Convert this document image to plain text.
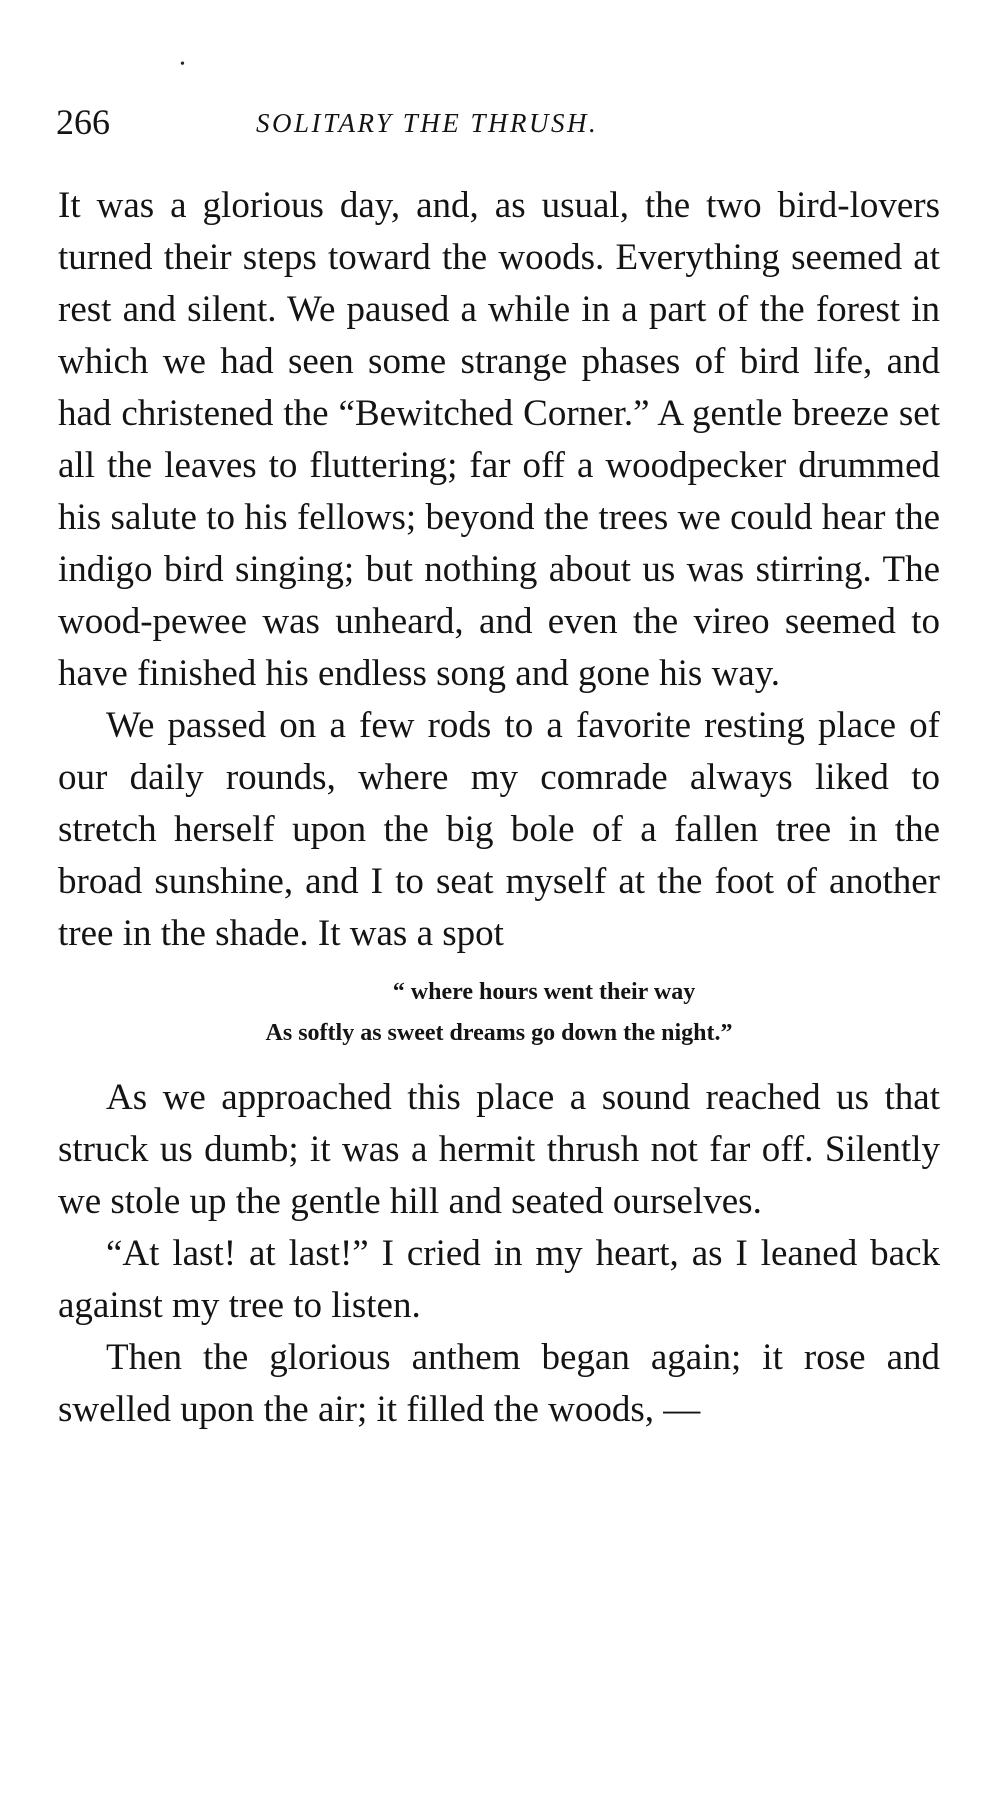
•
266	SOLITARY THE THRUSH.

It was a glorious day, and, as usual, the two bird-lovers turned their steps toward the woods. Everything seemed at rest and silent. We paused a while in a part of the forest in which we had seen some strange phases of bird life, and had christened the “Bewitched Corner.” A gentle breeze set all the leaves to fluttering; far off a woodpecker drummed his salute to his fellows; beyond the trees we could hear the indigo bird singing; but nothing about us was stirring. The wood-pewee was unheard, and even the vireo seemed to have finished his endless song and gone his way.

We passed on a few rods to a favorite resting place of our daily rounds, where my comrade always liked to stretch herself upon the big bole of a fallen tree in the broad sunshine, and I to seat myself at the foot of another tree in the shade. It was a spot

“ where hours went their way
As softly as sweet dreams go down the night.”

As we approached this place a sound reached us that struck us dumb; it was a hermit thrush not far off. Silently we stole up the gentle hill and seated ourselves.

“At last! at last!” I cried in my heart, as I leaned back against my tree to listen.

Then the glorious anthem began again; it rose and swelled upon the air; it filled the woods, —
